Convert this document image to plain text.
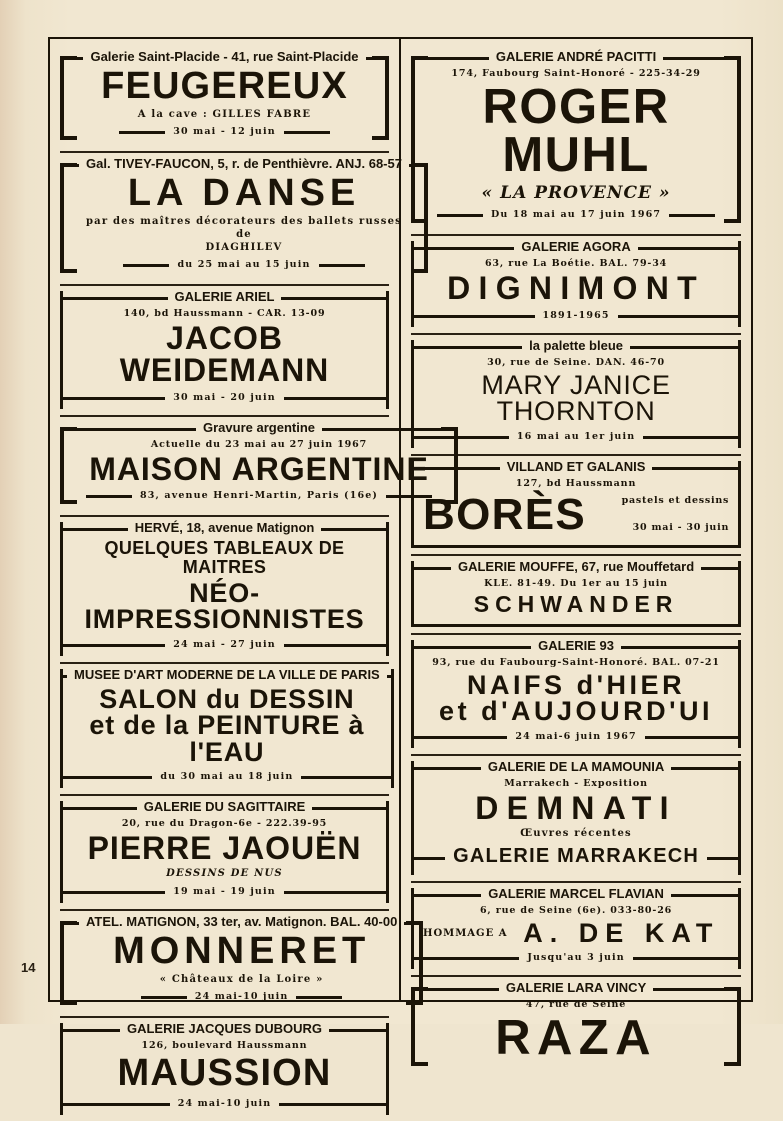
Galerie Saint-Placide - 41, rue Saint-Placide
FEUGEREUX
A la cave : GILLES FABRE
30 mai - 12 juin
Gal. TIVEY-FAUCON, 5, r. de Penthièvre. ANJ. 68-57
LA DANSE
par des maîtres décorateurs des ballets russes de
DIAGHILEV
du 25 mai au 15 juin
GALERIE ARIEL
140, bd Haussmann - CAR. 13-09
JACOB WEIDEMANN
30 mai - 20 juin
Gravure argentine
Actuelle du 23 mai au 27 juin 1967
MAISON ARGENTINE
83, avenue Henri-Martin, Paris (16e)
HERVÉ, 18, avenue Matignon
QUELQUES TABLEAUX DE MAITRES
NÉO-IMPRESSIONNISTES
24 mai - 27 juin
MUSEE D'ART MODERNE DE LA VILLE DE PARIS
SALON du DESSIN
et de la PEINTURE à l'EAU
du 30 mai au 18 juin
GALERIE DU SAGITTAIRE
20, rue du Dragon-6e - 222.39-95
PIERRE JAOUËN
DESSINS DE NUS
19 mai - 19 juin
ATEL. MATIGNON, 33 ter, av. Matignon. BAL. 40-00
MONNERET
« Châteaux de la Loire »
24 mai-10 juin
GALERIE JACQUES DUBOURG
126, boulevard Haussmann
MAUSSION
24 mai-10 juin
GALERIE ANDRÉ PACITTI
174, Faubourg Saint-Honoré - 225-34-29
ROGER MUHL
« LA PROVENCE »
Du 18 mai au 17 juin 1967
GALERIE AGORA
63, rue La Boétie. BAL. 79-34
DIGNIMONT
1891-1965
la palette bleue
30, rue de Seine. DAN. 46-70
MARY JANICE THORNTON
16 mai au 1er juin
VILLAND ET GALANIS
127, bd Haussmann
BORÈS	pastels et dessins
30 mai - 30 juin
GALERIE MOUFFE, 67, rue Mouffetard
KLE. 81-49. Du 1er au 15 juin
SCHWANDER
GALERIE 93
93, rue du Faubourg-Saint-Honoré. BAL. 07-21
NAIFS d'HIER
et d'AUJOURD'UI
24 mai-6 juin 1967
GALERIE DE LA MAMOUNIA
Marrakech - Exposition
DEMNATI
Œuvres récentes
GALERIE MARRAKECH
GALERIE MARCEL FLAVIAN
6, rue de Seine (6e). 033-80-26
HOMMAGE A A. DE KAT
Jusqu'au 3 juin
GALERIE LARA VINCY
47, rue de Seine
RAZA
14
